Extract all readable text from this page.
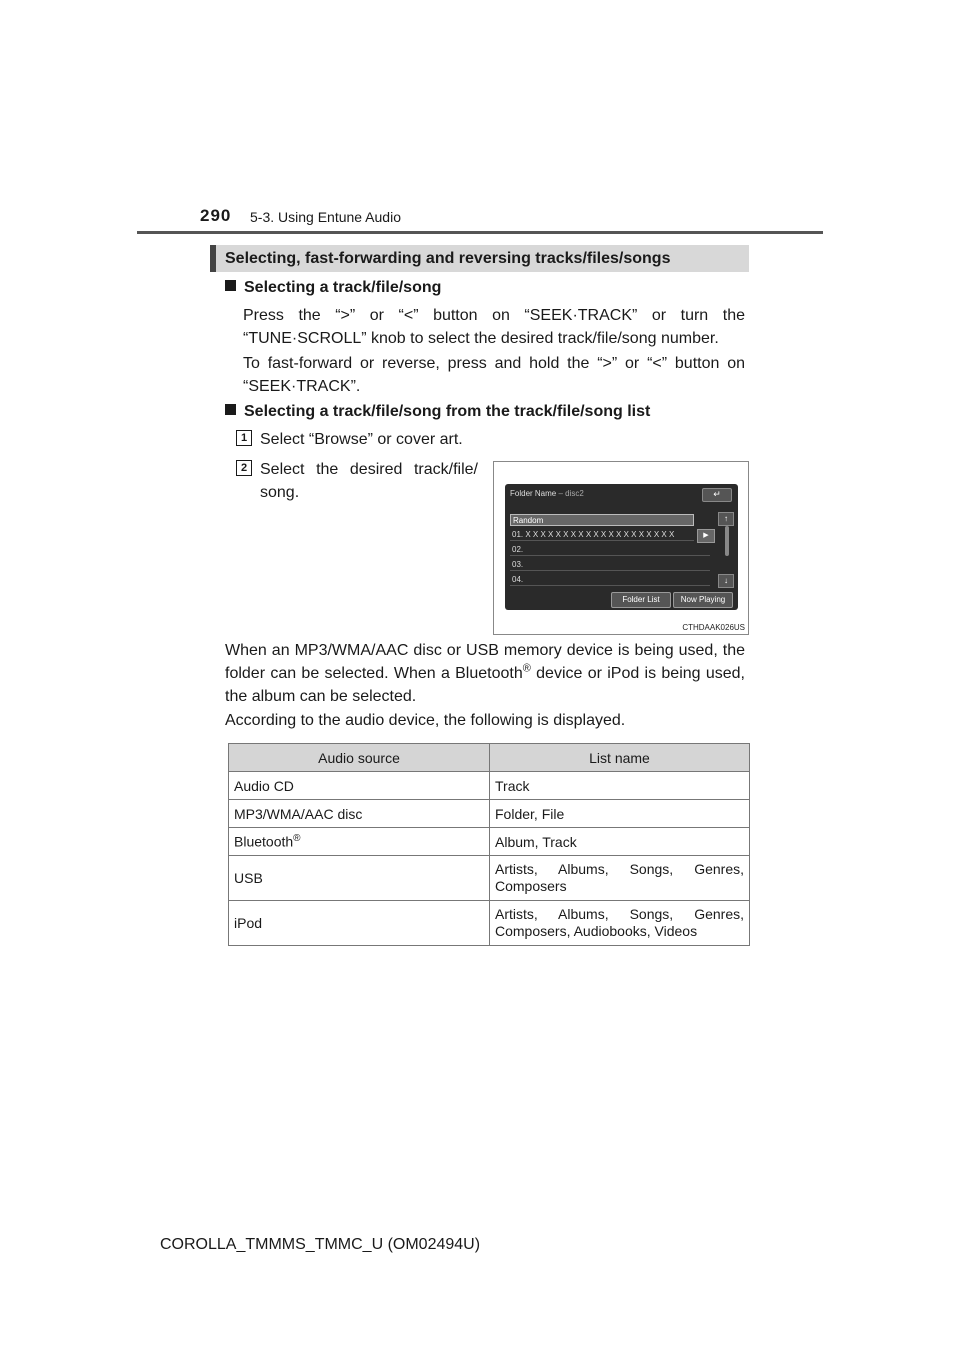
290 5-3. Using Entune Audio
Selecting, fast-forwarding and reversing tracks/files/songs
Selecting a track/file/song
Press the “>” or “<” button on “SEEK·TRACK” or turn the “TUNE·SCROLL” knob to select the desired track/file/song number.
To fast-forward or reverse, press and hold the “>” or “<” button on “SEEK·TRACK”.
Selecting a track/file/song from the track/file/song list
1 Select “Browse” or cover art.
2 Select the desired track/file/ song.	Folder Name – disc2	↵
Random
01. X X X X X X X X X X X X X X X X X X X X	▶
02.
03.
04.
↑
↓
Folder List	Now Playing
CTHDAAK026US
When an MP3/WMA/AAC disc or USB memory device is being used, the folder can be selected. When a Bluetooth® device or iPod is being used, the album can be selected.
According to the audio device, the following is displayed.
Audio source	List name
Audio CD	Track
MP3/WMA/AAC disc	Folder, File
Bluetooth®	Album, Track
USB	Artists, Albums, Songs, Genres, Composers

iPod	Artists, Albums, Songs, Genres, Composers, Audiobooks, Videos
COROLLA_TMMMS_TMMC_U (OM02494U)
